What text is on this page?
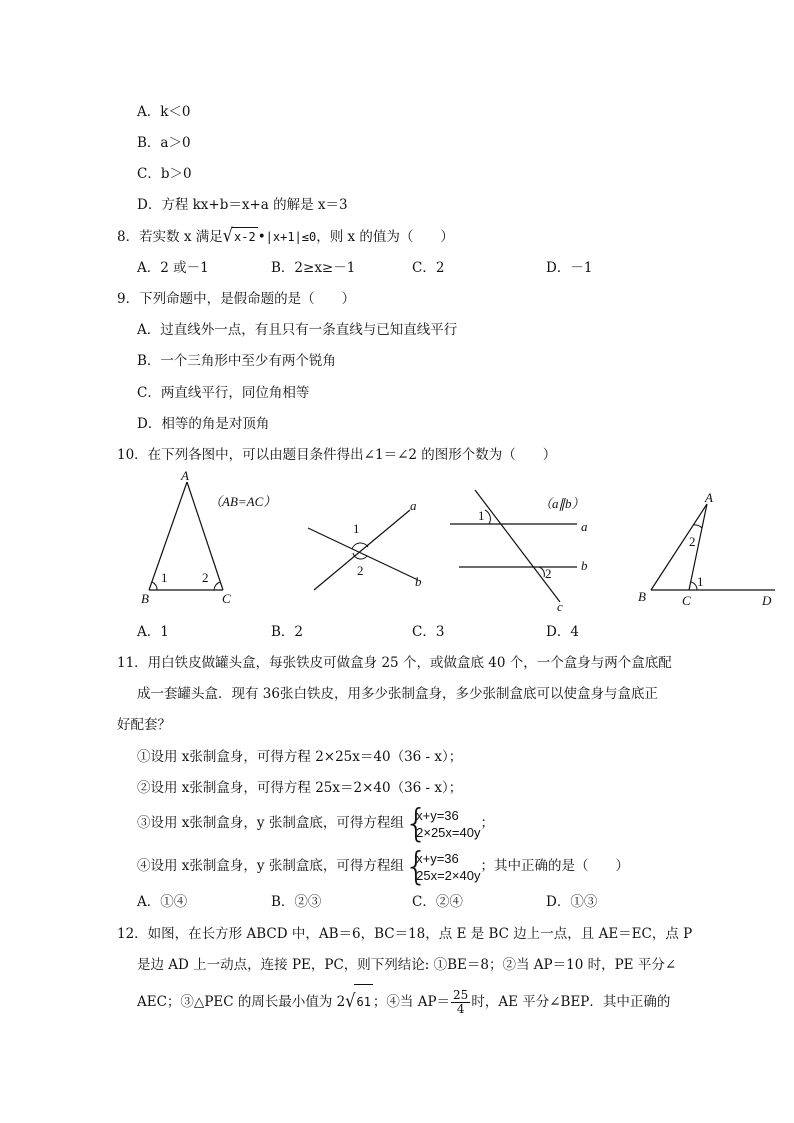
A．k＜0
B．a＞0
C．b＞0
D．方程 kx+b＝x+a 的解是 x＝3
8．若实数 x 满足√x-2 •|x+1|≤0，则 x 的值为（　　）
A．2 或－1	B．2≥x≥－1	C．2	D．－1
9．下列命题中，是假命题的是（　　）
A．过直线外一点，有且只有一条直线与已知直线平行
B．一个三角形中至少有两个锐角
C．两直线平行，同位角相等
D．相等的角是对顶角
10．在下列各图中，可以由题目条件得出∠1＝∠2 的图形个数为（　　）
A
B	C
1	2
（AB=AC）
1
2
a
b
1
2
a
b
c
（a∥b）	A
B	C	D
1
2
A．1	B．2	C．3	D．4
11．用白铁皮做罐头盒，每张铁皮可做盒身 25 个，或做盒底 40 个，一个盒身与两个盒底配
成一套罐头盒．现有 36张白铁皮，用多少张制盒身，多少张制盒底可以使盒身与盒底正
好配套？
①设用 x张制盒身，可得方程 2×25x＝40（36 - x）；
②设用 x张制盒身，可得方程 25x＝2×40（36 - x）；
③设用 x张制盒身，y 张制盒底，可得方程组 { x+y=36
2×25x=40y
；
④设用 x张制盒身，y 张制盒底，可得方程组 { x+y=36
25x=2×40y
；其中正确的是（　　）
A．①④	B．②③	C．②④	D．①③
12．如图，在长方形 ABCD 中，AB＝6，BC＝18，点 E 是 BC 边上一点，且 AE＝EC，点 P
是边 AD 上一动点，连接 PE，PC，则下列结论: ①BE＝8；②当 AP＝10 时，PE 平分∠
AEC；③△PEC 的周长最小值为 2√61 ；④当 $AP= \frac{25}{4}$ 时，AE 平分∠BEP．其中正确的
